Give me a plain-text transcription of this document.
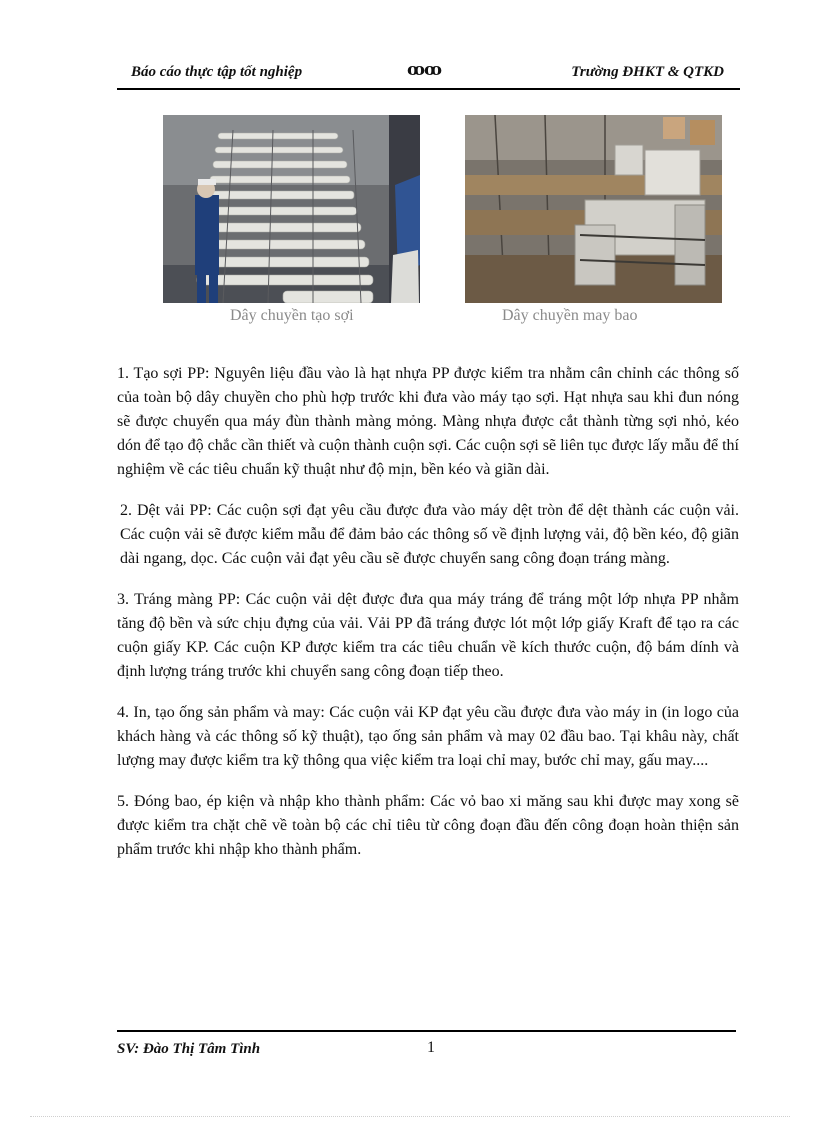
Báo cáo thực tập tốt nghiệp	ꝏꝏ	Trường ĐHKT & QTKD
Dây chuyền tạo sợi	Dây chuyền may bao

1. Tạo sợi PP: Nguyên liệu đầu vào là hạt nhựa PP được kiểm tra nhằm cân chỉnh các thông số của toàn bộ dây chuyền cho phù hợp trước khi đưa vào máy tạo sợi. Hạt nhựa sau khi đun nóng sẽ được chuyển qua máy đùn thành màng mỏng. Màng nhựa được cắt thành từng sợi nhỏ, kéo dón để tạo độ chắc cần thiết và cuộn thành cuộn sợi. Các cuộn sợi sẽ liên tục được lấy mẫu để thí nghiệm về các tiêu chuẩn kỹ thuật như độ mịn, bền kéo và giãn dài.

2. Dệt vải PP: Các cuộn sợi đạt yêu cầu được đưa vào máy dệt tròn để dệt thành các cuộn vải. Các cuộn vải sẽ được kiểm mẫu để đảm bảo các thông số về định lượng vải, độ bền kéo, độ giãn dài ngang, dọc. Các cuộn vải đạt yêu cầu sẽ được chuyển sang công đoạn tráng màng.

3. Tráng màng PP: Các cuộn vải dệt được đưa qua máy tráng để tráng một lớp nhựa PP nhằm tăng độ bền và sức chịu đựng của vải. Vải PP đã tráng được lót một lớp giấy Kraft để tạo ra các cuộn giấy KP. Các cuộn KP được kiểm tra các tiêu chuẩn về kích thước cuộn, độ bám dính và định lượng tráng trước khi chuyển sang công đoạn tiếp theo.

4. In, tạo ống sản phẩm và may: Các cuộn vải KP đạt yêu cầu được đưa vào máy in (in logo của khách hàng và các thông số kỹ thuật), tạo ống sản phẩm và may 02 đầu bao. Tại khâu này, chất lượng may được kiểm tra kỹ thông qua việc kiểm tra loại chỉ may, bước chỉ may, gấu may....

5. Đóng bao, ép kiện và nhập kho thành phẩm: Các vỏ bao xi măng sau khi được may xong sẽ được kiểm tra chặt chẽ về toàn bộ các chỉ tiêu từ công đoạn đầu đến công đoạn hoàn thiện sản phẩm trước khi nhập kho thành phẩm.

SV: Đào Thị Tâm Tình	1
